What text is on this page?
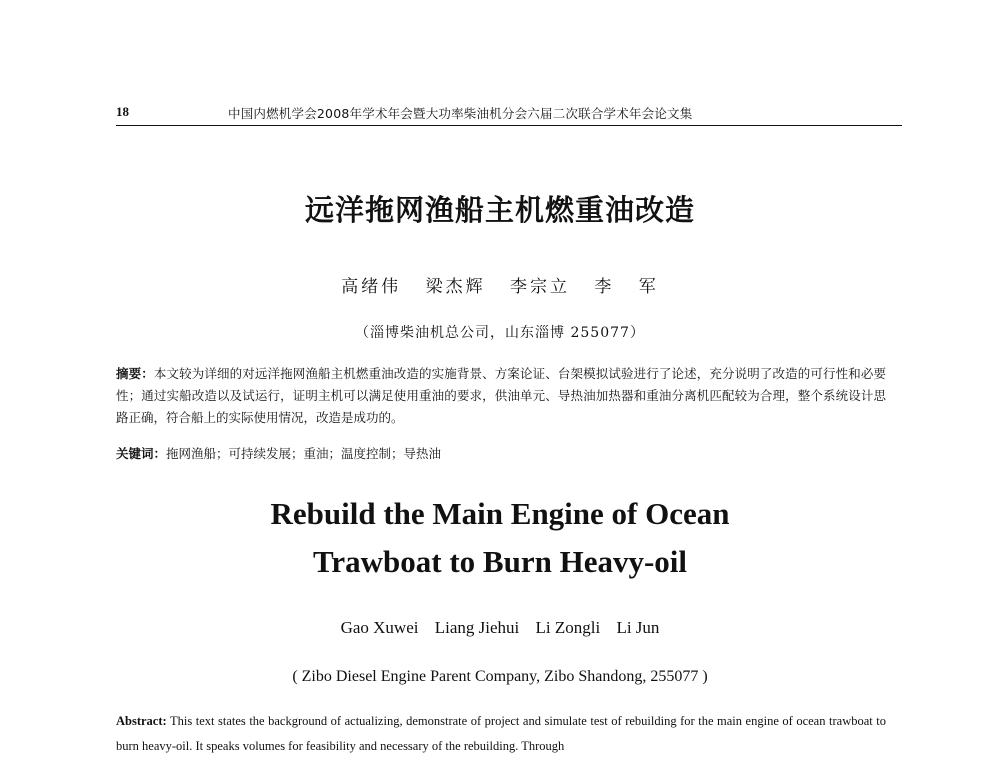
18	中国内燃机学会2008年学术年会暨大功率柴油机分会六届二次联合学术年会论文集
远洋拖网渔船主机燃重油改造
高绪伟 梁杰辉 李宗立 李 军
（淄博柴油机总公司，山东淄博 255077）
摘要：本文较为详细的对远洋拖网渔船主机燃重油改造的实施背景、方案论证、台架模拟试验进行了论述，充分说明了改造的可行性和必要性；通过实船改造以及试运行，证明主机可以满足使用重油的要求，供油单元、导热油加热器和重油分离机匹配较为合理，整个系统设计思路正确，符合船上的实际使用情况，改造是成功的。
关键词：拖网渔船；可持续发展；重油；温度控制；导热油
Rebuild the Main Engine of Ocean
Trawboat to Burn Heavy-oil
Gao Xuwei Liang Jiehui Li Zongli Li Jun
( Zibo Diesel Engine Parent Company, Zibo Shandong, 255077 )
Abstract: This text states the background of actualizing, demonstrate of project and simulate test of rebuilding for the main engine of ocean trawboat to burn heavy-oil. It speaks volumes for feasibility and necessary of the rebuilding. Through
